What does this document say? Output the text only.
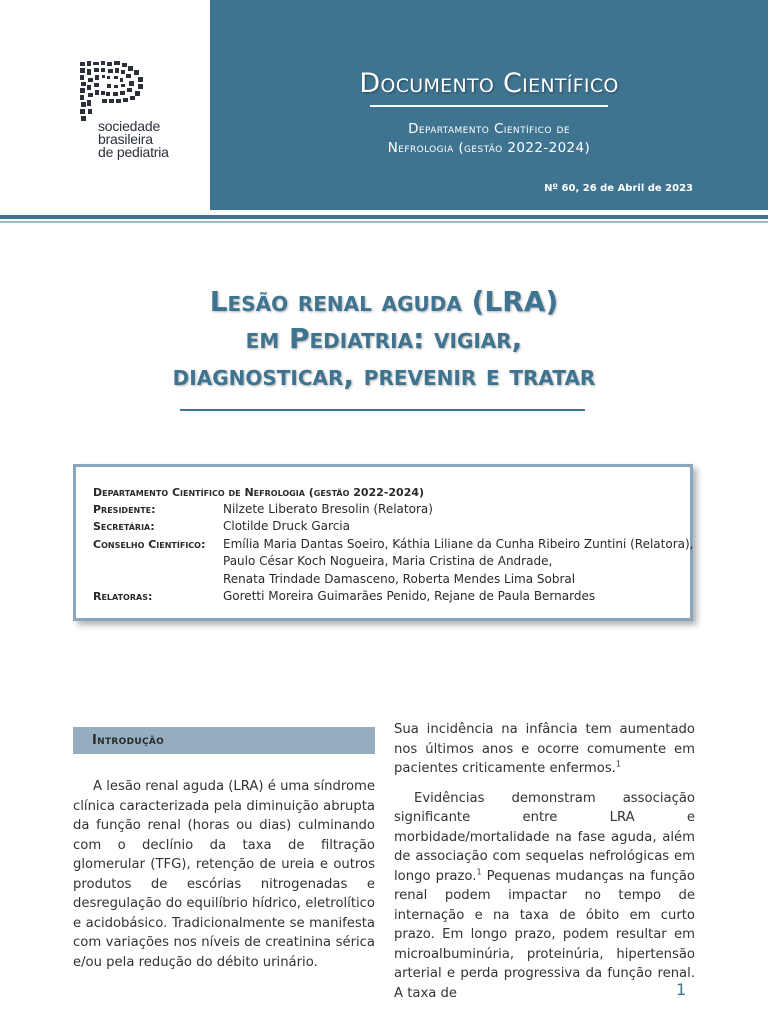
sociedade
brasileira
de pediatria
Documento Científico
Departamento Científico de
Nefrologia (gestão 2022-2024)
Nº 60, 26 de Abril de 2023
Lesão renal aguda (LRA)
em Pediatria: vigiar,
diagnosticar, prevenir e tratar
Departamento Científico de Nefrologia (gestão 2022-2024)
Presidente:	Nilzete Liberato Bresolin (Relatora)
Secretária:	Clotilde Druck Garcia
Conselho Científico:	Emília Maria Dantas Soeiro, Káthia Liliane da Cunha Ribeiro Zuntini (Relatora),
Paulo César Koch Nogueira, Maria Cristina de Andrade,
Renata Trindade Damasceno, Roberta Mendes Lima Sobral
Relatoras:	Goretti Moreira Guimarães Penido, Rejane de Paula Bernardes
Introdução

A lesão renal aguda (LRA) é uma síndrome clínica caracterizada pela diminuição abrupta da função renal (horas ou dias) culminando com o declínio da taxa de filtração glomerular (TFG), retenção de ureia e outros produtos de escórias nitrogenadas e desregulação do equilíbrio hídrico, eletrolítico e acidobásico. Tradicionalmente se manifesta com variações nos níveis de creatinina sérica e/ou pela redução do débito urinário.

Sua incidência na infância tem aumentado nos últimos anos e ocorre comumente em pacientes criticamente enfermos.$^1$

Evidências demonstram associação significante entre LRA e morbidade/mortalidade na fase aguda, além de associação com sequelas nefrológicas em longo prazo.$^1$ Pequenas mudanças na função renal podem impactar no tempo de internação e na taxa de óbito em curto prazo. Em longo prazo, podem resultar em microalbuminúria, proteinúria, hipertensão arterial e perda progressiva da função renal. A taxa de	1
